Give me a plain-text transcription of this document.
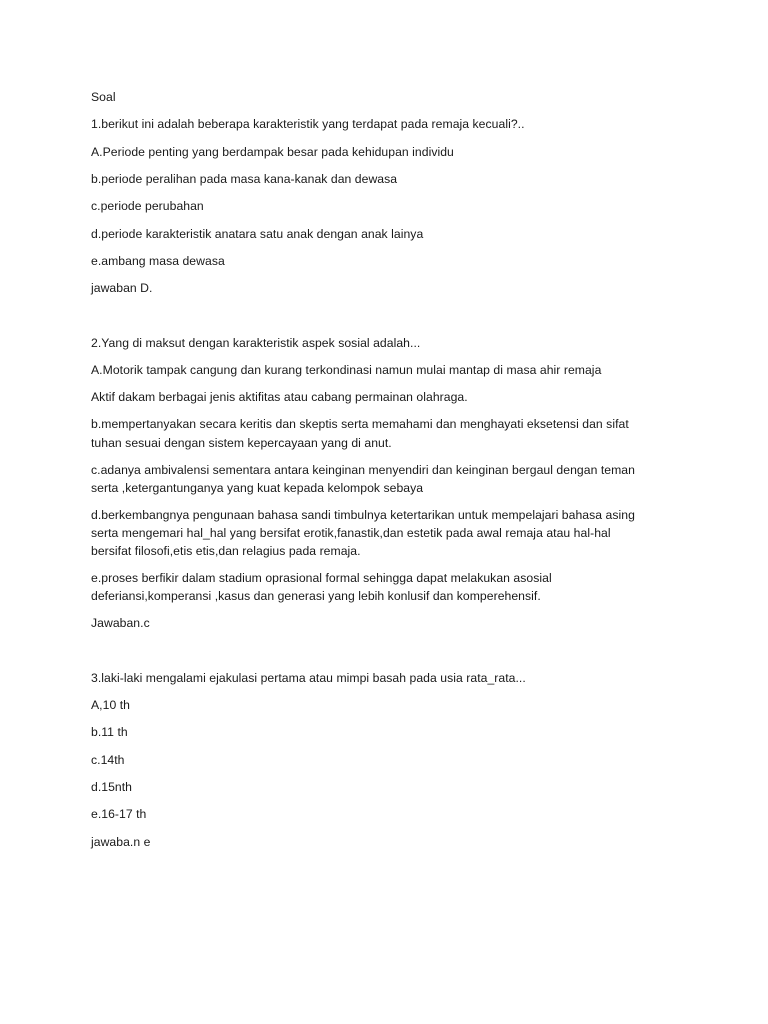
Soal
1.berikut ini adalah beberapa karakteristik yang terdapat pada remaja kecuali?..
A.Periode penting yang berdampak besar pada kehidupan individu
b.periode peralihan pada masa kana-kanak dan dewasa
c.periode perubahan
d.periode karakteristik anatara satu anak dengan anak lainya
e.ambang masa dewasa
jawaban D.
2.Yang di maksut dengan karakteristik aspek sosial adalah...
A.Motorik tampak cangung dan kurang terkondinasi namun mulai mantap di masa ahir remaja
Aktif dakam berbagai jenis aktifitas atau cabang permainan olahraga.
b.mempertanyakan secara keritis dan skeptis serta memahami dan menghayati eksetensi dan sifat
tuhan sesuai dengan sistem kepercayaan yang di anut.
c.adanya ambivalensi sementara antara keinginan menyendiri dan keinginan bergaul dengan teman
serta ,ketergantunganya yang kuat kepada kelompok sebaya
d.berkembangnya pengunaan bahasa sandi timbulnya ketertarikan untuk mempelajari bahasa asing
serta mengemari hal_hal yang bersifat erotik,fanastik,dan estetik pada awal remaja atau hal-hal
bersifat filosofi,etis etis,dan relagius pada remaja.
e.proses berfikir dalam stadium oprasional formal sehingga dapat melakukan asosial
deferiansi,komperansi ,kasus dan generasi yang lebih konlusif dan komperehensif.
Jawaban.c
3.laki-laki mengalami ejakulasi pertama atau mimpi basah pada usia rata_rata...
A,10 th
b.11 th
c.14th
d.15nth
e.16-17 th
jawaba.n e
